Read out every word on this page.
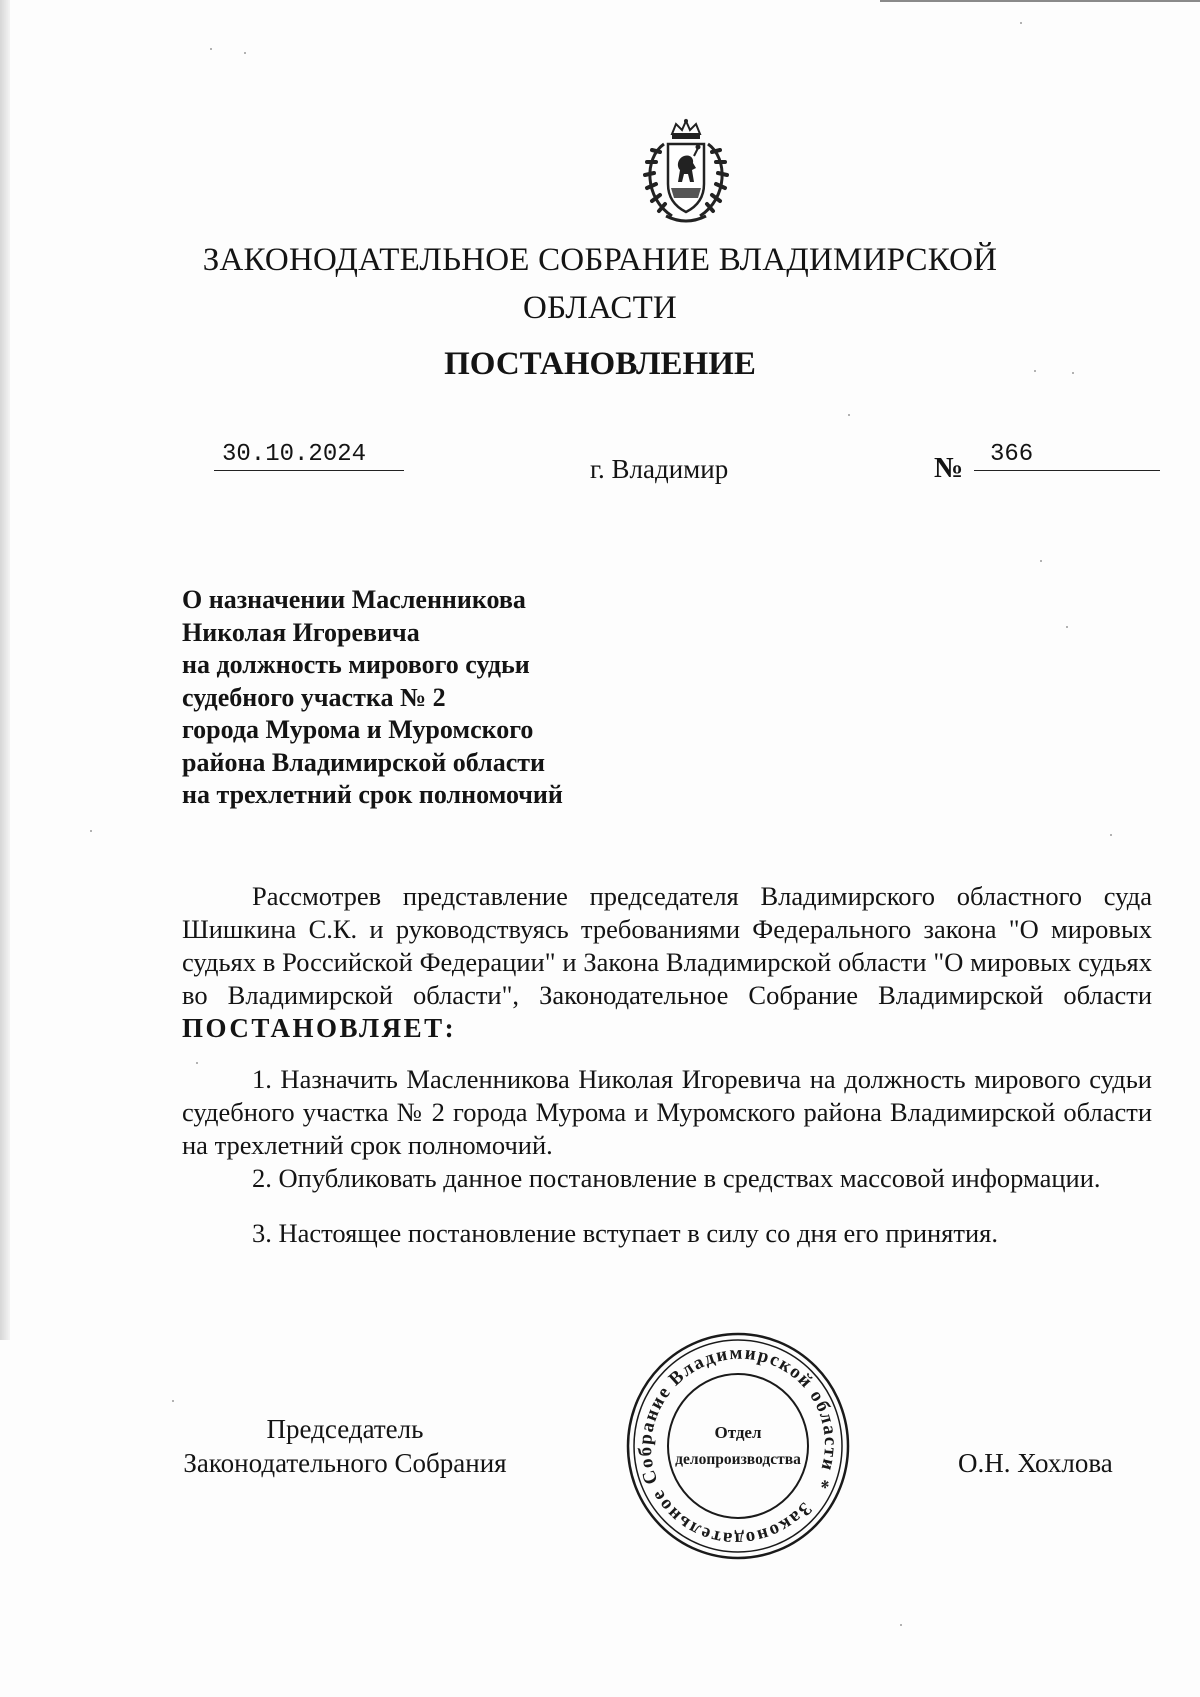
ЗАКОНОДАТЕЛЬНОЕ СОБРАНИЕ ВЛАДИМИРСКОЙ ОБЛАСТИ
ПОСТАНОВЛЕНИЕ
30.10.2024	г. Владимир	№	366
О назначении Масленникова
Николая Игоревича
на должность мирового судьи
судебного участка № 2
города Мурома и Муромского
района Владимирской области
на трехлетний срок полномочий

Рассмотрев представление председателя Владимирского областного суда Шишкина С.К. и руководствуясь требованиями Федерального закона "О мировых судьях в Российской Федерации" и Закона Владимирской области "О мировых судьях во Владимирской области", Законодательное Собрание Владимирской области ПОСТАНОВЛЯЕТ:

1. Назначить Масленникова Николая Игоревича на должность мирового судьи судебного участка № 2 города Мурома и Муромского района Владимирской области на трехлетний срок полномочий.

2. Опубликовать данное постановление в средствах массовой информации.

3. Настоящее постановление вступает в силу со дня его принятия.

Председатель
Законодательного Собрания
Законодательное Собрание Владимирской области *
Отдел
делопроизводства	О.Н. Хохлова
